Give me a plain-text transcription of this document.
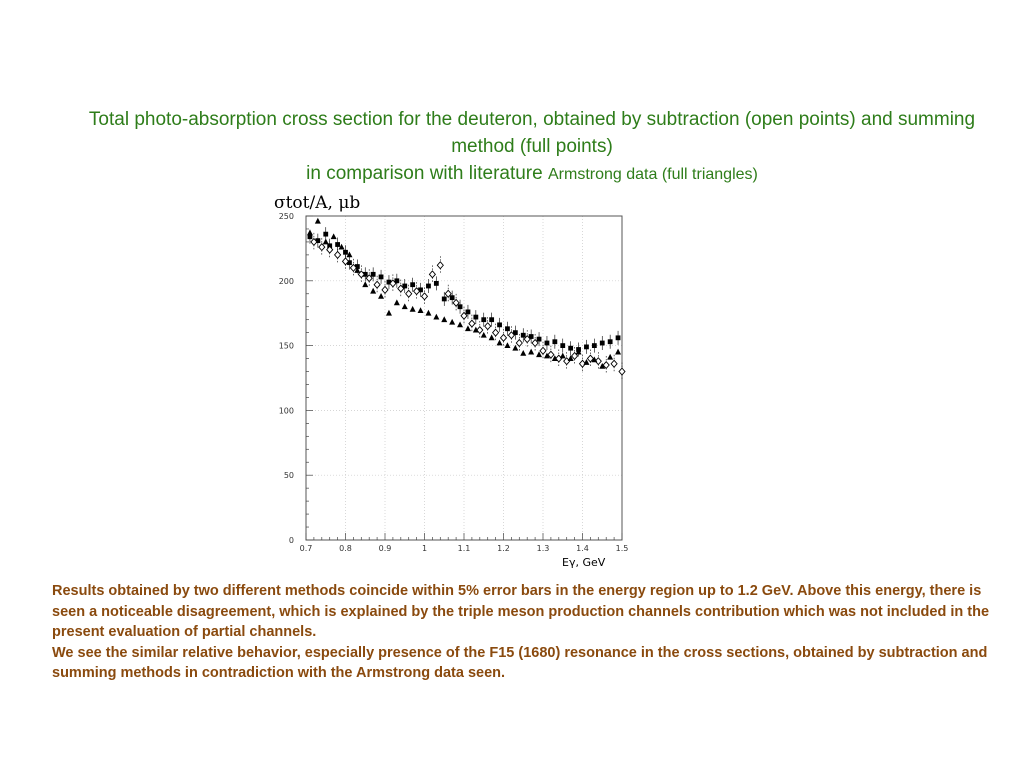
Total photo-absorption cross section for the deuteron, obtained by subtraction (open points) and summing method (full points)
in comparison with literature Armstrong data (full triangles)
σtot/A, μb
0.7	0.8	0.9	1	1.1	1.2	1.3	1.4	1.5
0
50
100
150
200
250
Eγ, GeV

Results obtained by two different methods coincide within 5% error bars in the energy region up to 1.2 GeV. Above this energy, there is seen a noticeable disagreement, which is explained by the triple meson production channels contribution which was not included in the present evaluation of partial channels.

We see the similar relative behavior, especially presence of the F15 (1680) resonance in the cross sections, obtained by subtraction and summing methods in contradiction with the Armstrong data seen.
